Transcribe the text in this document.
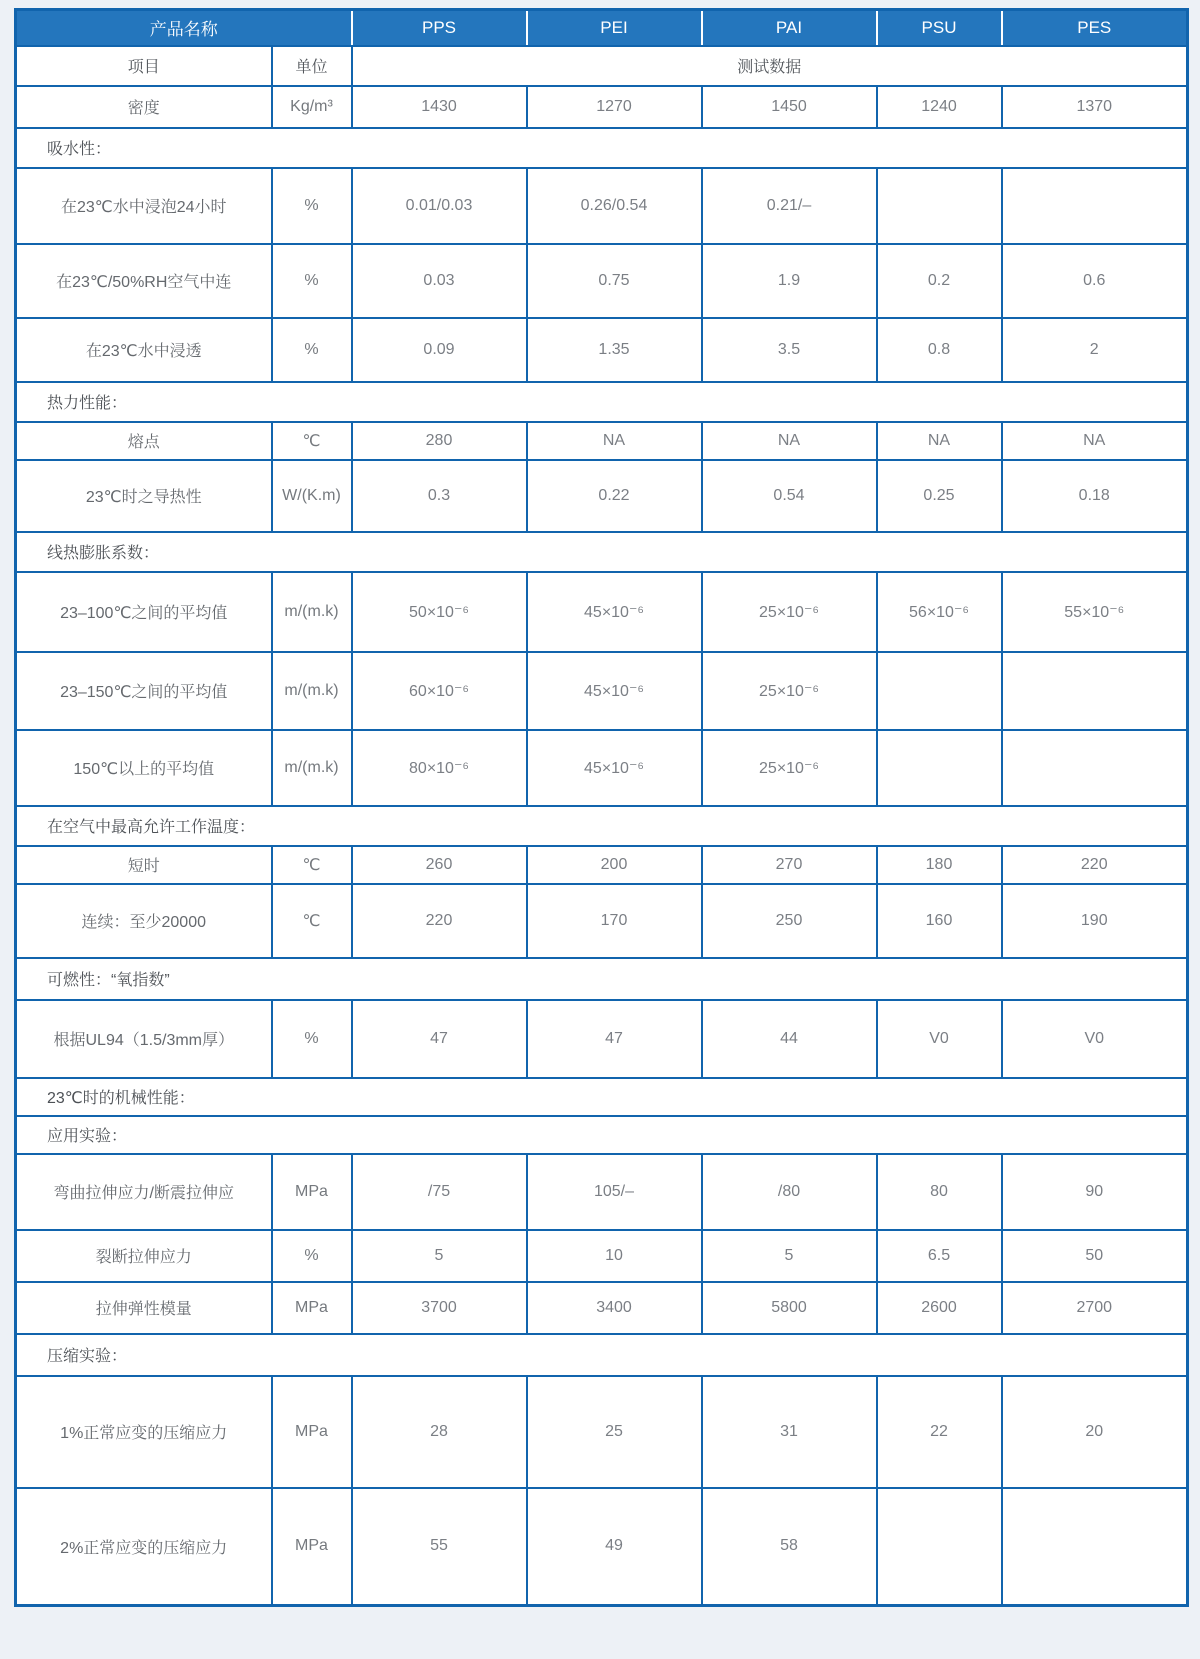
产品名称		PPS	PEI	PAI	PSU	PES
项目	单位	测试数据				
密度	Kg/m³	1430	1270	1450	1240	1370
吸水性：						
在23℃水中浸泡24小时	%	0.01/0.03	0.26/0.54	0.21/–		
在23℃/50%RH空气中连	%	0.03	0.75	1.9	0.2	0.6
在23℃水中浸透	%	0.09	1.35	3.5	0.8	2
热力性能：						
熔点	℃	280	NA	NA	NA	NA
23℃时之导热性	W/(K.m)	0.3	0.22	0.54	0.25	0.18
线热膨胀系数：						
23–100℃之间的平均值	m/(m.k)	50×10⁻⁶	45×10⁻⁶	25×10⁻⁶	56×10⁻⁶	55×10⁻⁶
23–150℃之间的平均值	m/(m.k)	60×10⁻⁶	45×10⁻⁶	25×10⁻⁶		
150℃以上的平均值	m/(m.k)	80×10⁻⁶	45×10⁻⁶	25×10⁻⁶		
在空气中最高允许工作温度：						
短时	℃	260	200	270	180	220
连续：至少20000	℃	220	170	250	160	190
可燃性：“氧指数”						
根据UL94（1.5/3mm厚）	%	47	47	44	V0	V0
23℃时的机械性能：						
应用实验：						
弯曲拉伸应力/断震拉伸应	MPa	/75	105/–	/80	80	90
裂断拉伸应力	%	5	10	5	6.5	50
拉伸弹性模量	MPa	3700	3400	5800	2600	2700
压缩实验：						
1%正常应变的压缩应力	MPa	28	25	31	22	20
2%正常应变的压缩应力	MPa	55	49	58		
